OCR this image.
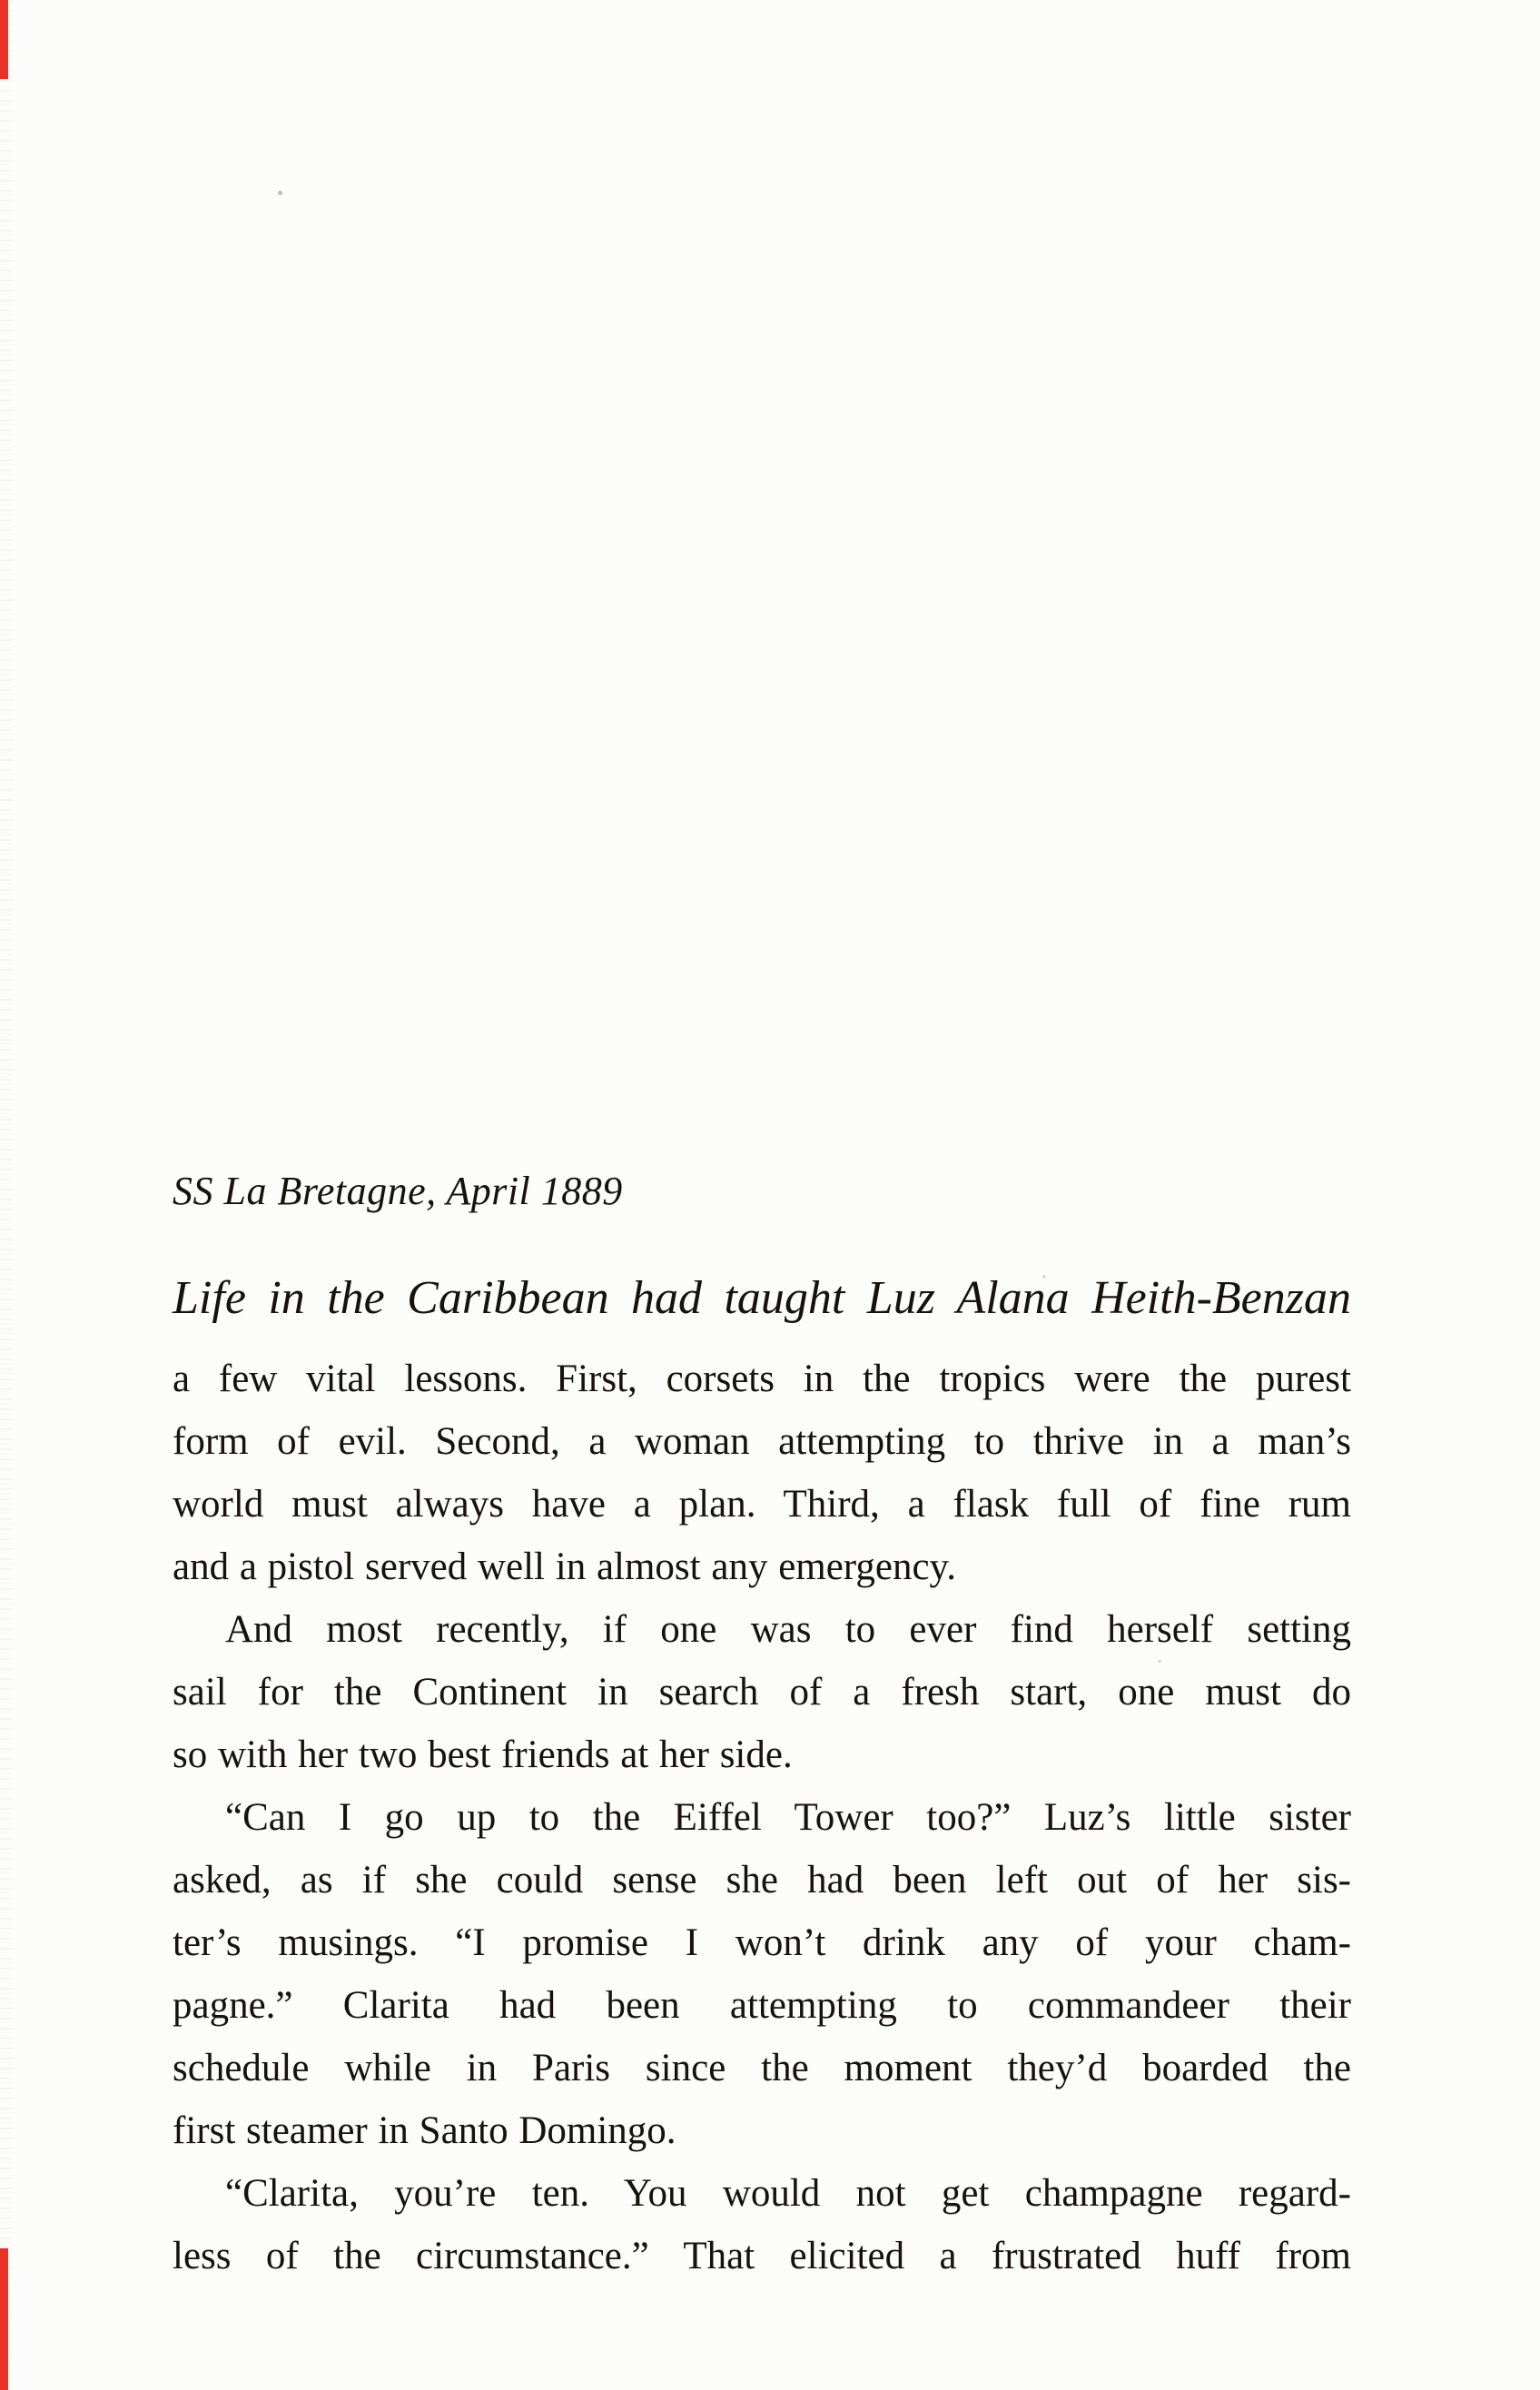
SS La Bretagne, April 1889
Life in the Caribbean had taught Luz Alana Heith-Benzan
a few vital lessons. First, corsets in the tropics were the purest
form of evil. Second, a woman attempting to thrive in a man’s
world must always have a plan. Third, a flask full of fine rum
and a pistol served well in almost any emergency.
And most recently, if one was to ever find herself setting
sail for the Continent in search of a fresh start, one must do
so with her two best friends at her side.
“Can I go up to the Eiffel Tower too?” Luz’s little sister
asked, as if she could sense she had been left out of her sis-
ter’s musings. “I promise I won’t drink any of your cham-
pagne.” Clarita had been attempting to commandeer their
schedule while in Paris since the moment they’d boarded the
first steamer in Santo Domingo.
“Clarita, you’re ten. You would not get champagne regard-
less of the circumstance.” That elicited a frustrated huff from
